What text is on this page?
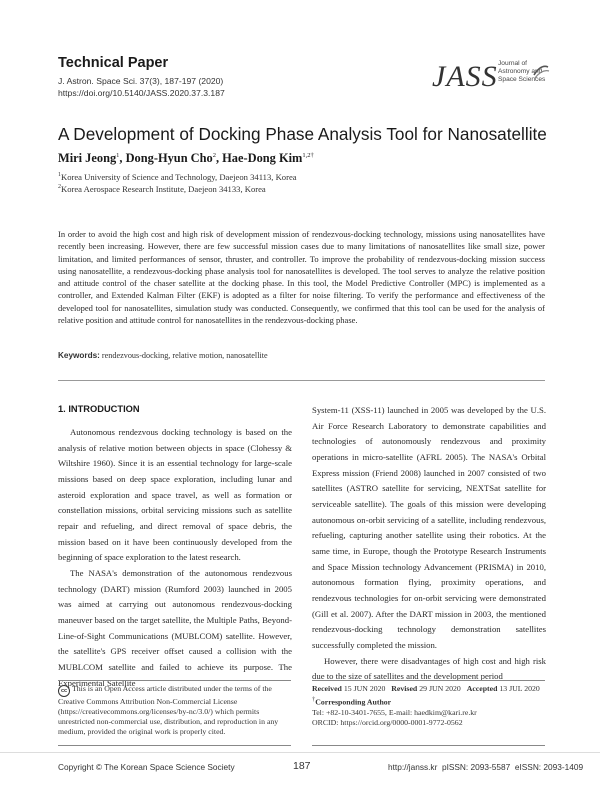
Technical Paper
J. Astron. Space Sci. 37(3), 187-197 (2020)
https://doi.org/10.5140/JASS.2020.37.3.187	JASS Journal of
Astronomy and
Space Sciences
A Development of Docking Phase Analysis Tool for Nanosatellite
Miri Jeong$^1$, Dong-Hyun Cho$^2$, Hae-Dong Kim$^{1,2\dagger}$
$^1$Korea University of Science and Technology, Daejeon 34113, Korea
$^2$Korea Aerospace Research Institute, Daejeon 34133, Korea
In order to avoid the high cost and high risk of development mission of rendezvous-docking technology, missions using nanosatellites have recently been increasing. However, there are few successful mission cases due to many limitations of nanosatellites like small size, power limitation, and limited performances of sensor, thruster, and controller. To improve the probability of rendezvous-docking mission success using nanosatellite, a rendezvous-docking phase analysis tool for nanosatellites is developed. The tool serves to analyze the relative position and attitude control of the chaser satellite at the docking phase. In this tool, the Model Predictive Controller (MPC) is implemented as a controller, and Extended Kalman Filter (EKF) is adopted as a filter for noise filtering. To verify the performance and effectiveness of the developed tool for nanosatellites, simulation study was conducted. Consequently, we confirmed that this tool can be used for the analysis of relative position and attitude control for nanosatellites in the rendezvous-docking phase.
Keywords: rendezvous-docking, relative motion, nanosatellite
1. INTRODUCTION

Autonomous rendezvous docking technology is based on the analysis of relative motion between objects in space (Clohessy & Wiltshire 1960). Since it is an essential technology for large-scale missions based on deep space exploration, including lunar and asteroid exploration and space travel, as well as formation or constellation missions, orbital servicing missions such as satellite repair and refueling, and direct removal of space debris, the mission based on it have been continuously developed from the beginning of space exploration to the latest research.

The NASA's demonstration of the autonomous rendezvous technology (DART) mission (Rumford 2003) launched in 2005 was aimed at carrying out autonomous rendezvous-docking maneuver based on the target satellite, the Multiple Paths, Beyond-Line-of-Sight Communications (MUBLCOM) satellite. However, the satellite's GPS receiver offset caused a collision with the MUBLCOM satellite and failed to achieve its purpose. The Experimental Satellite

System-11 (XSS-11) launched in 2005 was developed by the U.S. Air Force Research Laboratory to demonstrate capabilities and technologies of autonomously rendezvous and proximity operations in micro-satellite (AFRL 2005). The NASA's Orbital Express mission (Friend 2008) launched in 2007 consisted of two satellites (ASTRO satellite for servicing, NEXTSat satellite for serviceable satellite). The goals of this mission were developing autonomous on-orbit servicing of a satellite, including rendezvous, refueling, capturing another satellite using their robotics. At the same time, in Europe, though the Prototype Research Instruments and Space Mission technology Advancement (PRISMA) in 2010, autonomous formation flying, proximity operations, and rendezvous technologies for on-orbit servicing were demonstrated (Gill et al. 2007). After the DART mission in 2003, the mentioned rendezvous-docking technology demonstration satellites successfully completed the mission.

However, there were disadvantages of high cost and high risk due to the size of satellites and the development period

cc This is an Open Access article distributed under the terms of the Creative Commons Attribution Non-Commercial License (https://creativecommons.org/licenses/by-nc/3.0/) which permits unrestricted non-commercial use, distribution, and reproduction in any medium, provided the original work is properly cited.
Received 15 JUN 2020 Revised 29 JUN 2020 Accepted 13 JUL 2020
†Corresponding Author
Tel: +82-10-3401-7655, E-mail: haedkim@kari.re.kr
ORCID: https://orcid.org/0000-0001-9772-0562
Copyright © The Korean Space Science Society	187	http://janss.kr  pISSN: 2093-5587  eISSN: 2093-1409
